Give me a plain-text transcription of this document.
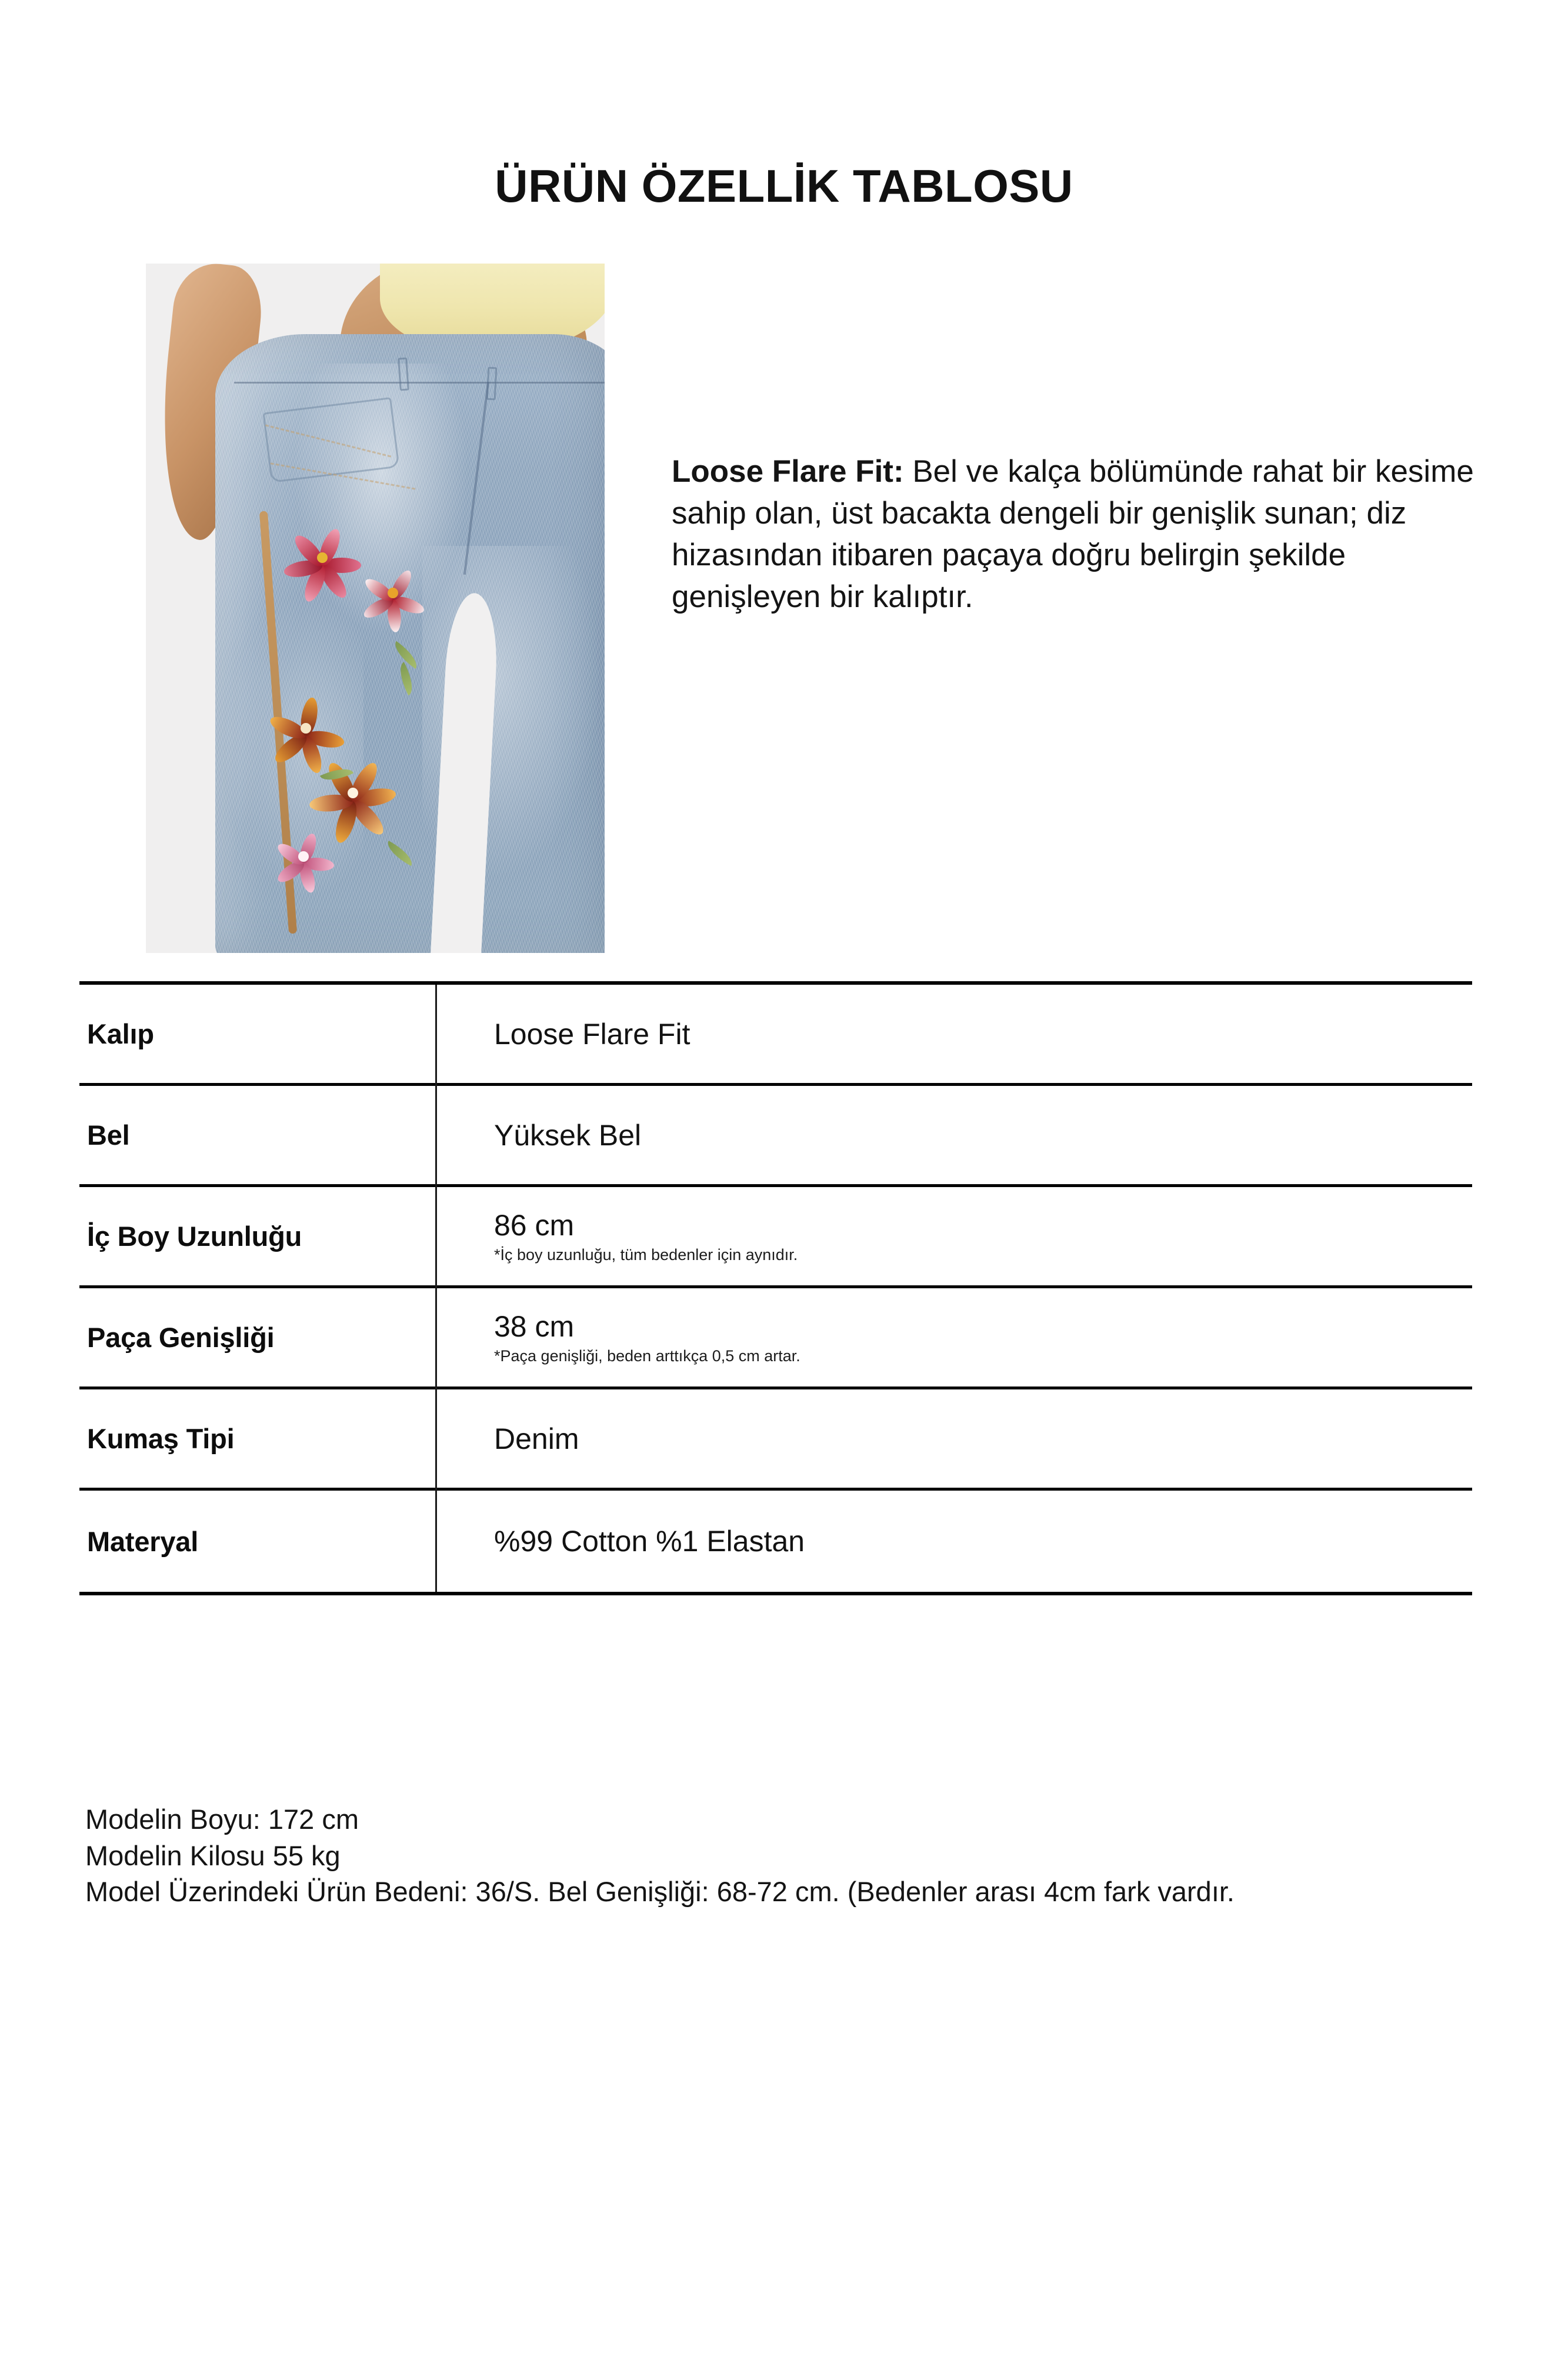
ÜRÜN ÖZELLİK TABLOSU

Loose Flare Fit: Bel ve kalça bölümünde rahat bir kesime sahip olan, üst bacakta dengeli bir genişlik sunan; diz hizasından itibaren paçaya doğru belirgin şekilde genişleyen bir kalıptır.

Kalıp	Loose Flare Fit
Bel	Yüksek Bel
İç Boy Uzunluğu	86 cm
*İç boy uzunluğu, tüm bedenler için aynıdır.
Paça Genişliği	38 cm
*Paça genişliği, beden arttıkça 0,5 cm artar.
Kumaş Tipi	Denim
Materyal	%99 Cotton %1 Elastan

Modelin Boyu: 172 cm

Modelin Kilosu 55 kg

Model Üzerindeki Ürün Bedeni: 36/S. Bel Genişliği: 68-72 cm. (Bedenler arası 4cm fark vardır.
